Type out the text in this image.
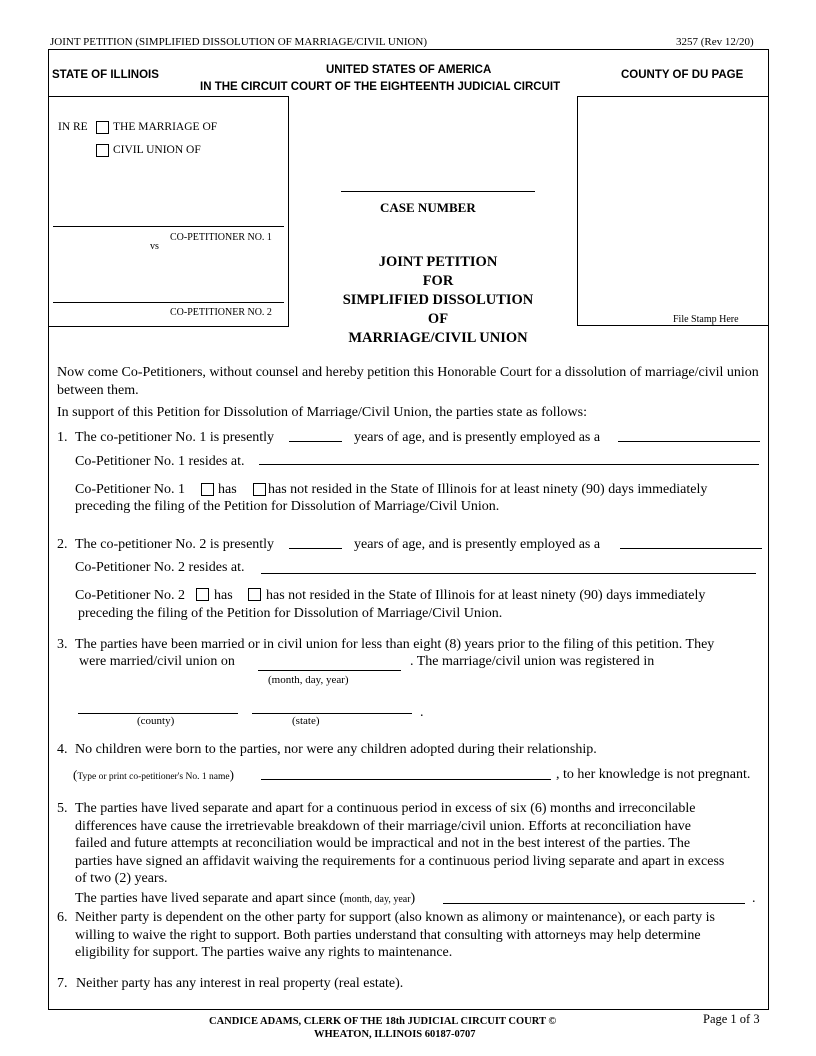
JOINT PETITION (SIMPLIFIED DISSOLUTION OF MARRIAGE/CIVIL UNION)	3257 (Rev 12/20)
STATE OF ILLINOIS	UNITED STATES OF AMERICA
IN THE CIRCUIT COURT OF THE EIGHTEENTH JUDICIAL CIRCUIT
COUNTY OF DU PAGE
IN RE THE MARRIAGE OF
CIVIL UNION OF
CO-PETITIONER NO. 1
vs
CO-PETITIONER NO. 2
CASE NUMBER
JOINT PETITION
FOR
SIMPLIFIED DISSOLUTION
OF
MARRIAGE/CIVIL UNION
File Stamp Here
Now come Co-Petitioners, without counsel and hereby petition this Honorable Court for a dissolution of marriage/civil union between them.
In support of this Petition for Dissolution of Marriage/Civil Union, the parties state as follows:
1. The co-petitioner No. 1 is presently	years of age, and is presently employed as a
Co-Petitioner No. 1 resides at.
Co-Petitioner No. 1 has has not resided in the State of Illinois for at least ninety (90) days immediately
preceding the filing of the Petition for Dissolution of Marriage/Civil Union.
2. The co-petitioner No. 2 is presently	years of age, and is presently employed as a
Co-Petitioner No. 2 resides at.
Co-Petitioner No. 2 has has not resided in the State of Illinois for at least ninety (90) days immediately
preceding the filing of the Petition for Dissolution of Marriage/Civil Union.
3. The parties have been married or in civil union for less than eight (8) years prior to the filing of this petition. They
were married/civil union on	. The marriage/civil union was registered in
(month, day, year)
.
(county)	(state)
4. No children were born to the parties, nor were any children adopted during their relationship.
(Type or print co-petitioner's No. 1 name)	, to her knowledge is not pregnant.
5. The parties have lived separate and apart for a continuous period in excess of six (6) months and irreconcilable
differences have cause the irretrievable breakdown of their marriage/civil union. Efforts at reconciliation have
failed and future attempts at reconciliation would be impractical and not in the best interest of the parties. The
parties have signed an affidavit waiving the requirements for a continuous period living separate and apart in excess
of two (2) years.
The parties have lived separate and apart since (month, day, year)	.
6. Neither party is dependent on the other party for support (also known as alimony or maintenance), or each party is
willing to waive the right to support. Both parties understand that consulting with attorneys may help determine
eligibility for support. The parties waive any rights to maintenance.
7. Neither party has any interest in real property (real estate).
CANDICE ADAMS, CLERK OF THE 18th JUDICIAL CIRCUIT COURT ©
WHEATON, ILLINOIS 60187-0707
Page 1 of 3
